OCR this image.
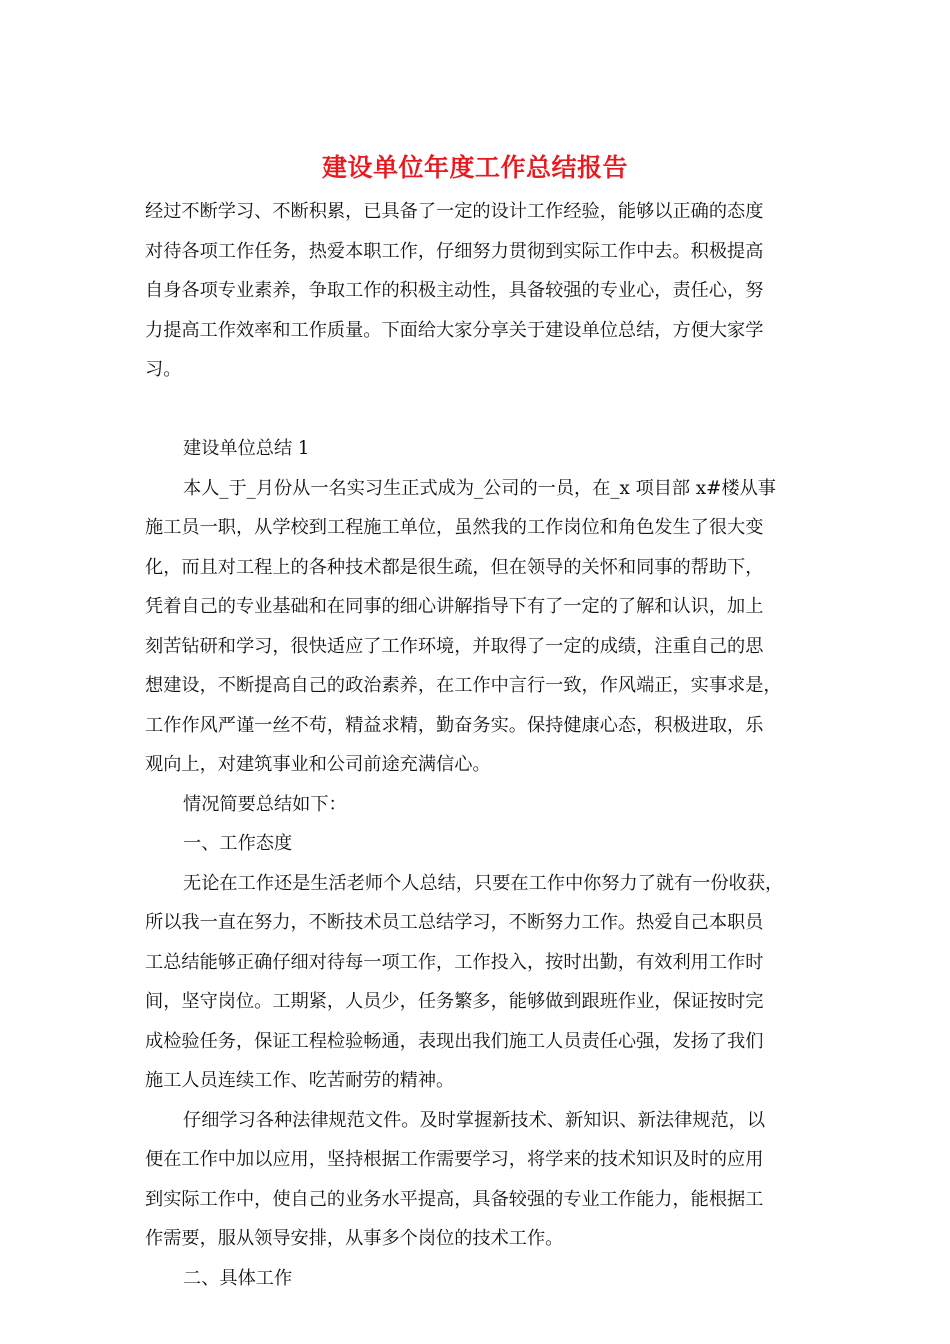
建设单位年度工作总结报告
经过不断学习、不断积累，已具备了一定的设计工作经验，能够以正确的态度
对待各项工作任务，热爱本职工作，仔细努力贯彻到实际工作中去。积极提高
自身各项专业素养，争取工作的积极主动性，具备较强的专业心，责任心，努
力提高工作效率和工作质量。下面给大家分享关于建设单位总结，方便大家学
习。
建设单位总结 1
本人_于_月份从一名实习生正式成为_公司的一员，在_x 项目部 x#楼从事
施工员一职，从学校到工程施工单位，虽然我的工作岗位和角色发生了很大变
化，而且对工程上的各种技术都是很生疏，但在领导的关怀和同事的帮助下，
凭着自己的专业基础和在同事的细心讲解指导下有了一定的了解和认识，加上
刻苦钻研和学习，很快适应了工作环境，并取得了一定的成绩，注重自己的思
想建设，不断提高自己的政治素养，在工作中言行一致，作风端正，实事求是，
工作作风严谨一丝不苟，精益求精，勤奋务实。保持健康心态，积极进取，乐
观向上，对建筑事业和公司前途充满信心。
情况简要总结如下：
一、工作态度
无论在工作还是生活老师个人总结，只要在工作中你努力了就有一份收获，
所以我一直在努力，不断技术员工总结学习，不断努力工作。热爱自己本职员
工总结能够正确仔细对待每一项工作，工作投入，按时出勤，有效利用工作时
间，坚守岗位。工期紧，人员少，任务繁多，能够做到跟班作业，保证按时完
成检验任务，保证工程检验畅通，表现出我们施工人员责任心强，发扬了我们
施工人员连续工作、吃苦耐劳的精神。
仔细学习各种法律规范文件。及时掌握新技术、新知识、新法律规范，以
便在工作中加以应用，坚持根据工作需要学习，将学来的技术知识及时的应用
到实际工作中，使自己的业务水平提高，具备较强的专业工作能力，能根据工
作需要，服从领导安排，从事多个岗位的技术工作。
二、具体工作
